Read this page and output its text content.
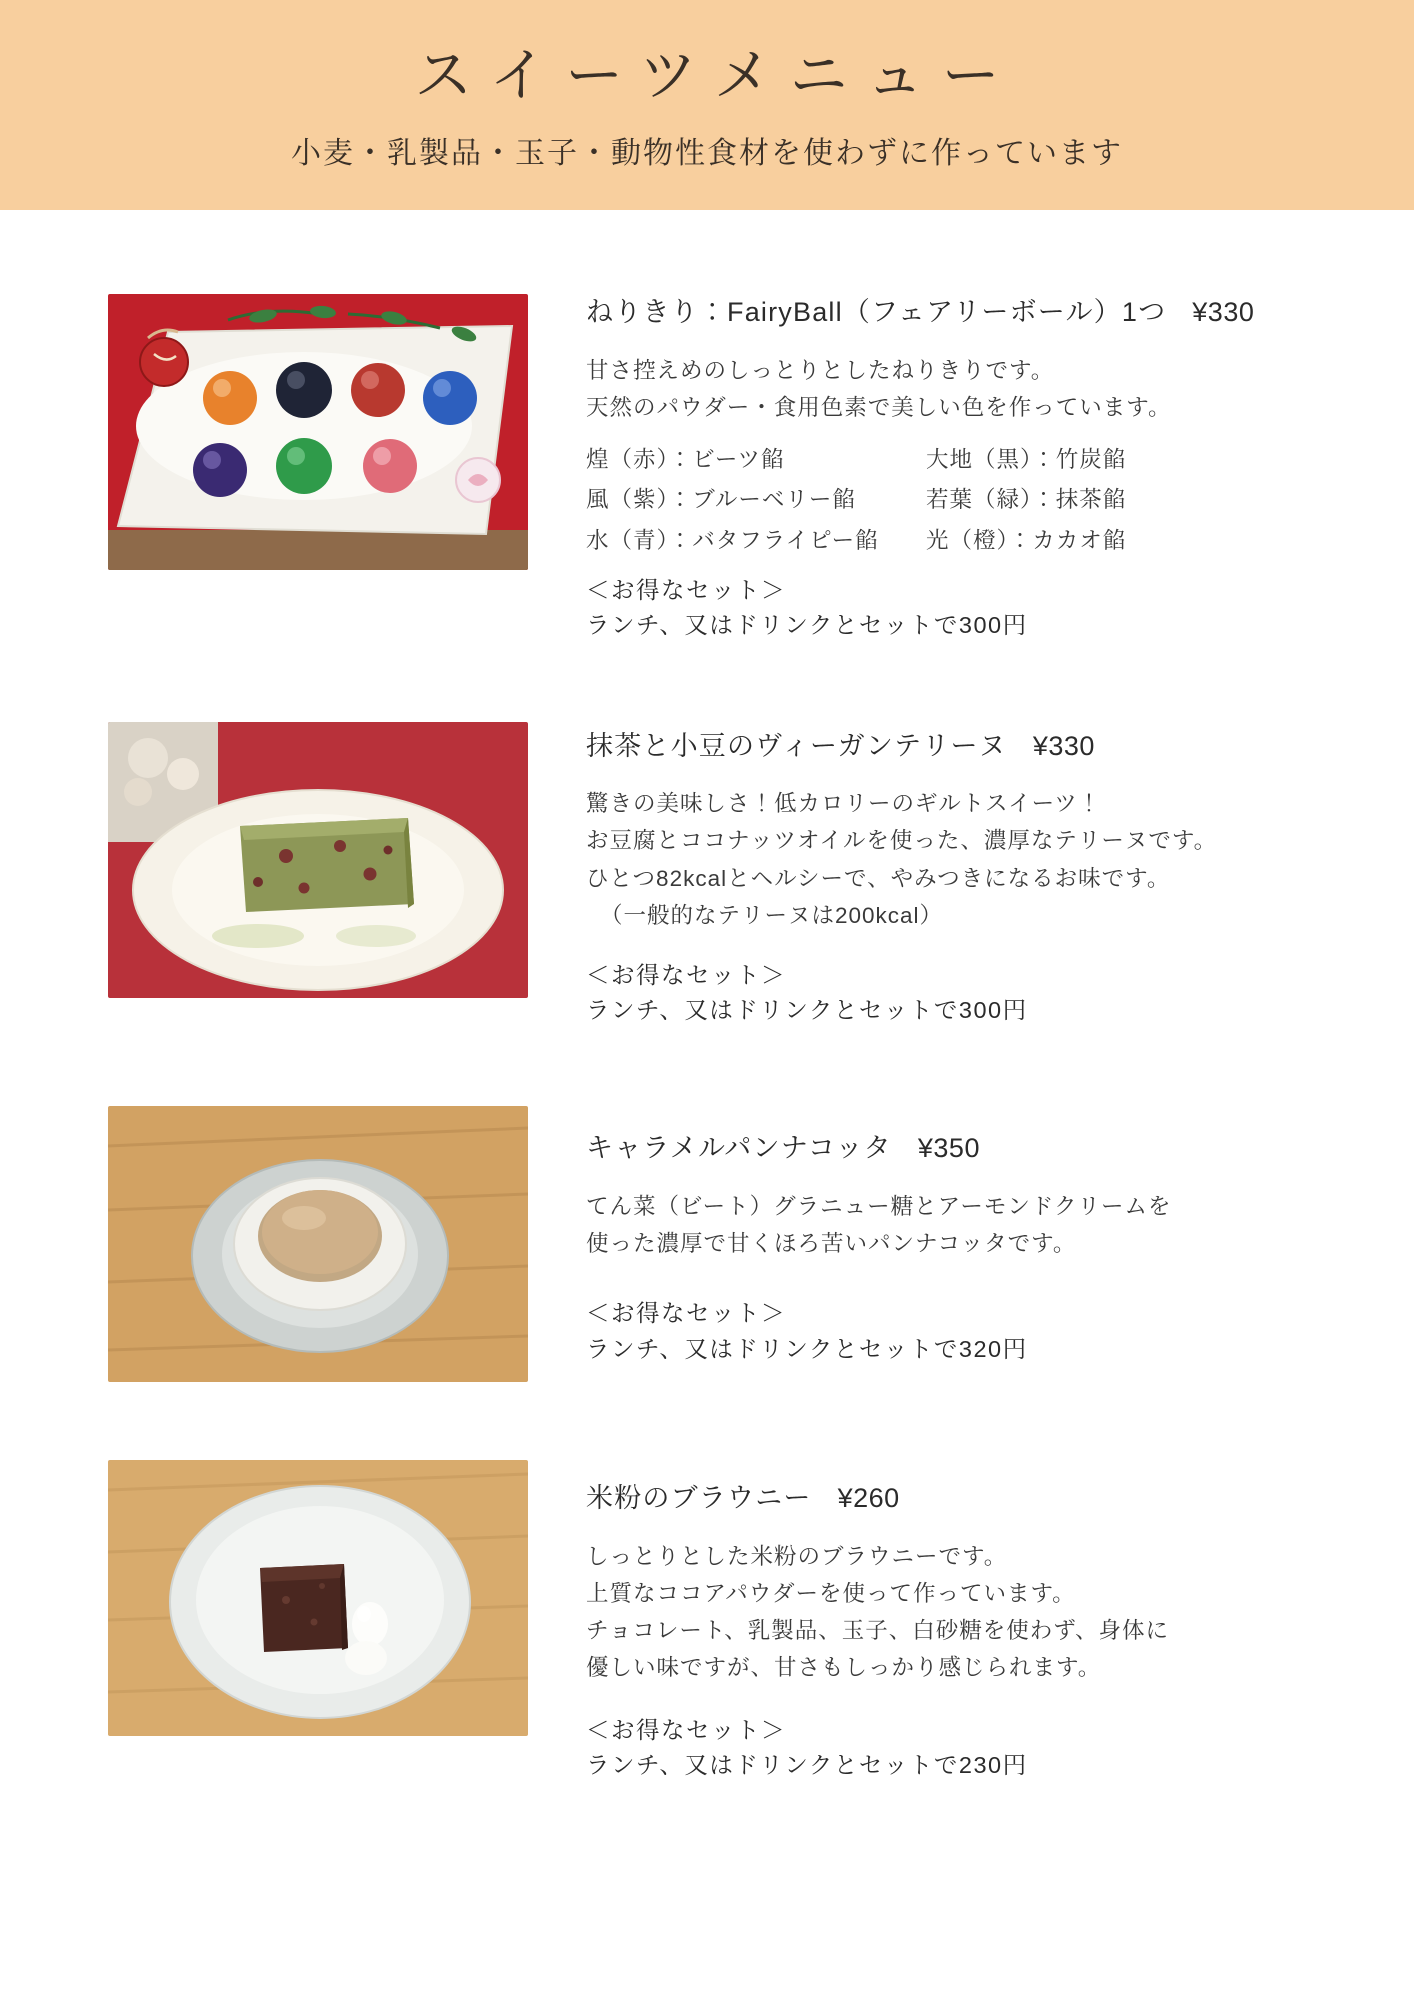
スイーツメニュー

小麦・乳製品・玉子・動物性食材を使わずに作っています

ねりきり：FairyBall（フェアリーボール）1つ ¥330
甘さ控えめのしっとりとしたねりきりです。
天然のパウダー・食用色素で美しい色を作っています。
煌（赤）：ビーツ餡	大地（黒）：竹炭餡
風（紫）：ブルーベリー餡	若葉（緑）：抹茶餡
水（青）：バタフライピー餡	光（橙）：カカオ餡
＜お得なセット＞
ランチ、又はドリンクとセットで300円
抹茶と小豆のヴィーガンテリーヌ ¥330
驚きの美味しさ！低カロリーのギルトスイーツ！
お豆腐とココナッツオイルを使った、濃厚なテリーヌです。
ひとつ82kcalとヘルシーで、やみつきになるお味です。
（一般的なテリーヌは200kcal）
＜お得なセット＞
ランチ、又はドリンクとセットで300円
キャラメルパンナコッタ ¥350
てん菜（ビート）グラニュー糖とアーモンドクリームを
使った濃厚で甘くほろ苦いパンナコッタです。
＜お得なセット＞
ランチ、又はドリンクとセットで320円
米粉のブラウニー ¥260
しっとりとした米粉のブラウニーです。
上質なココアパウダーを使って作っています。
チョコレート、乳製品、玉子、白砂糖を使わず、身体に
優しい味ですが、甘さもしっかり感じられます。
＜お得なセット＞
ランチ、又はドリンクとセットで230円
